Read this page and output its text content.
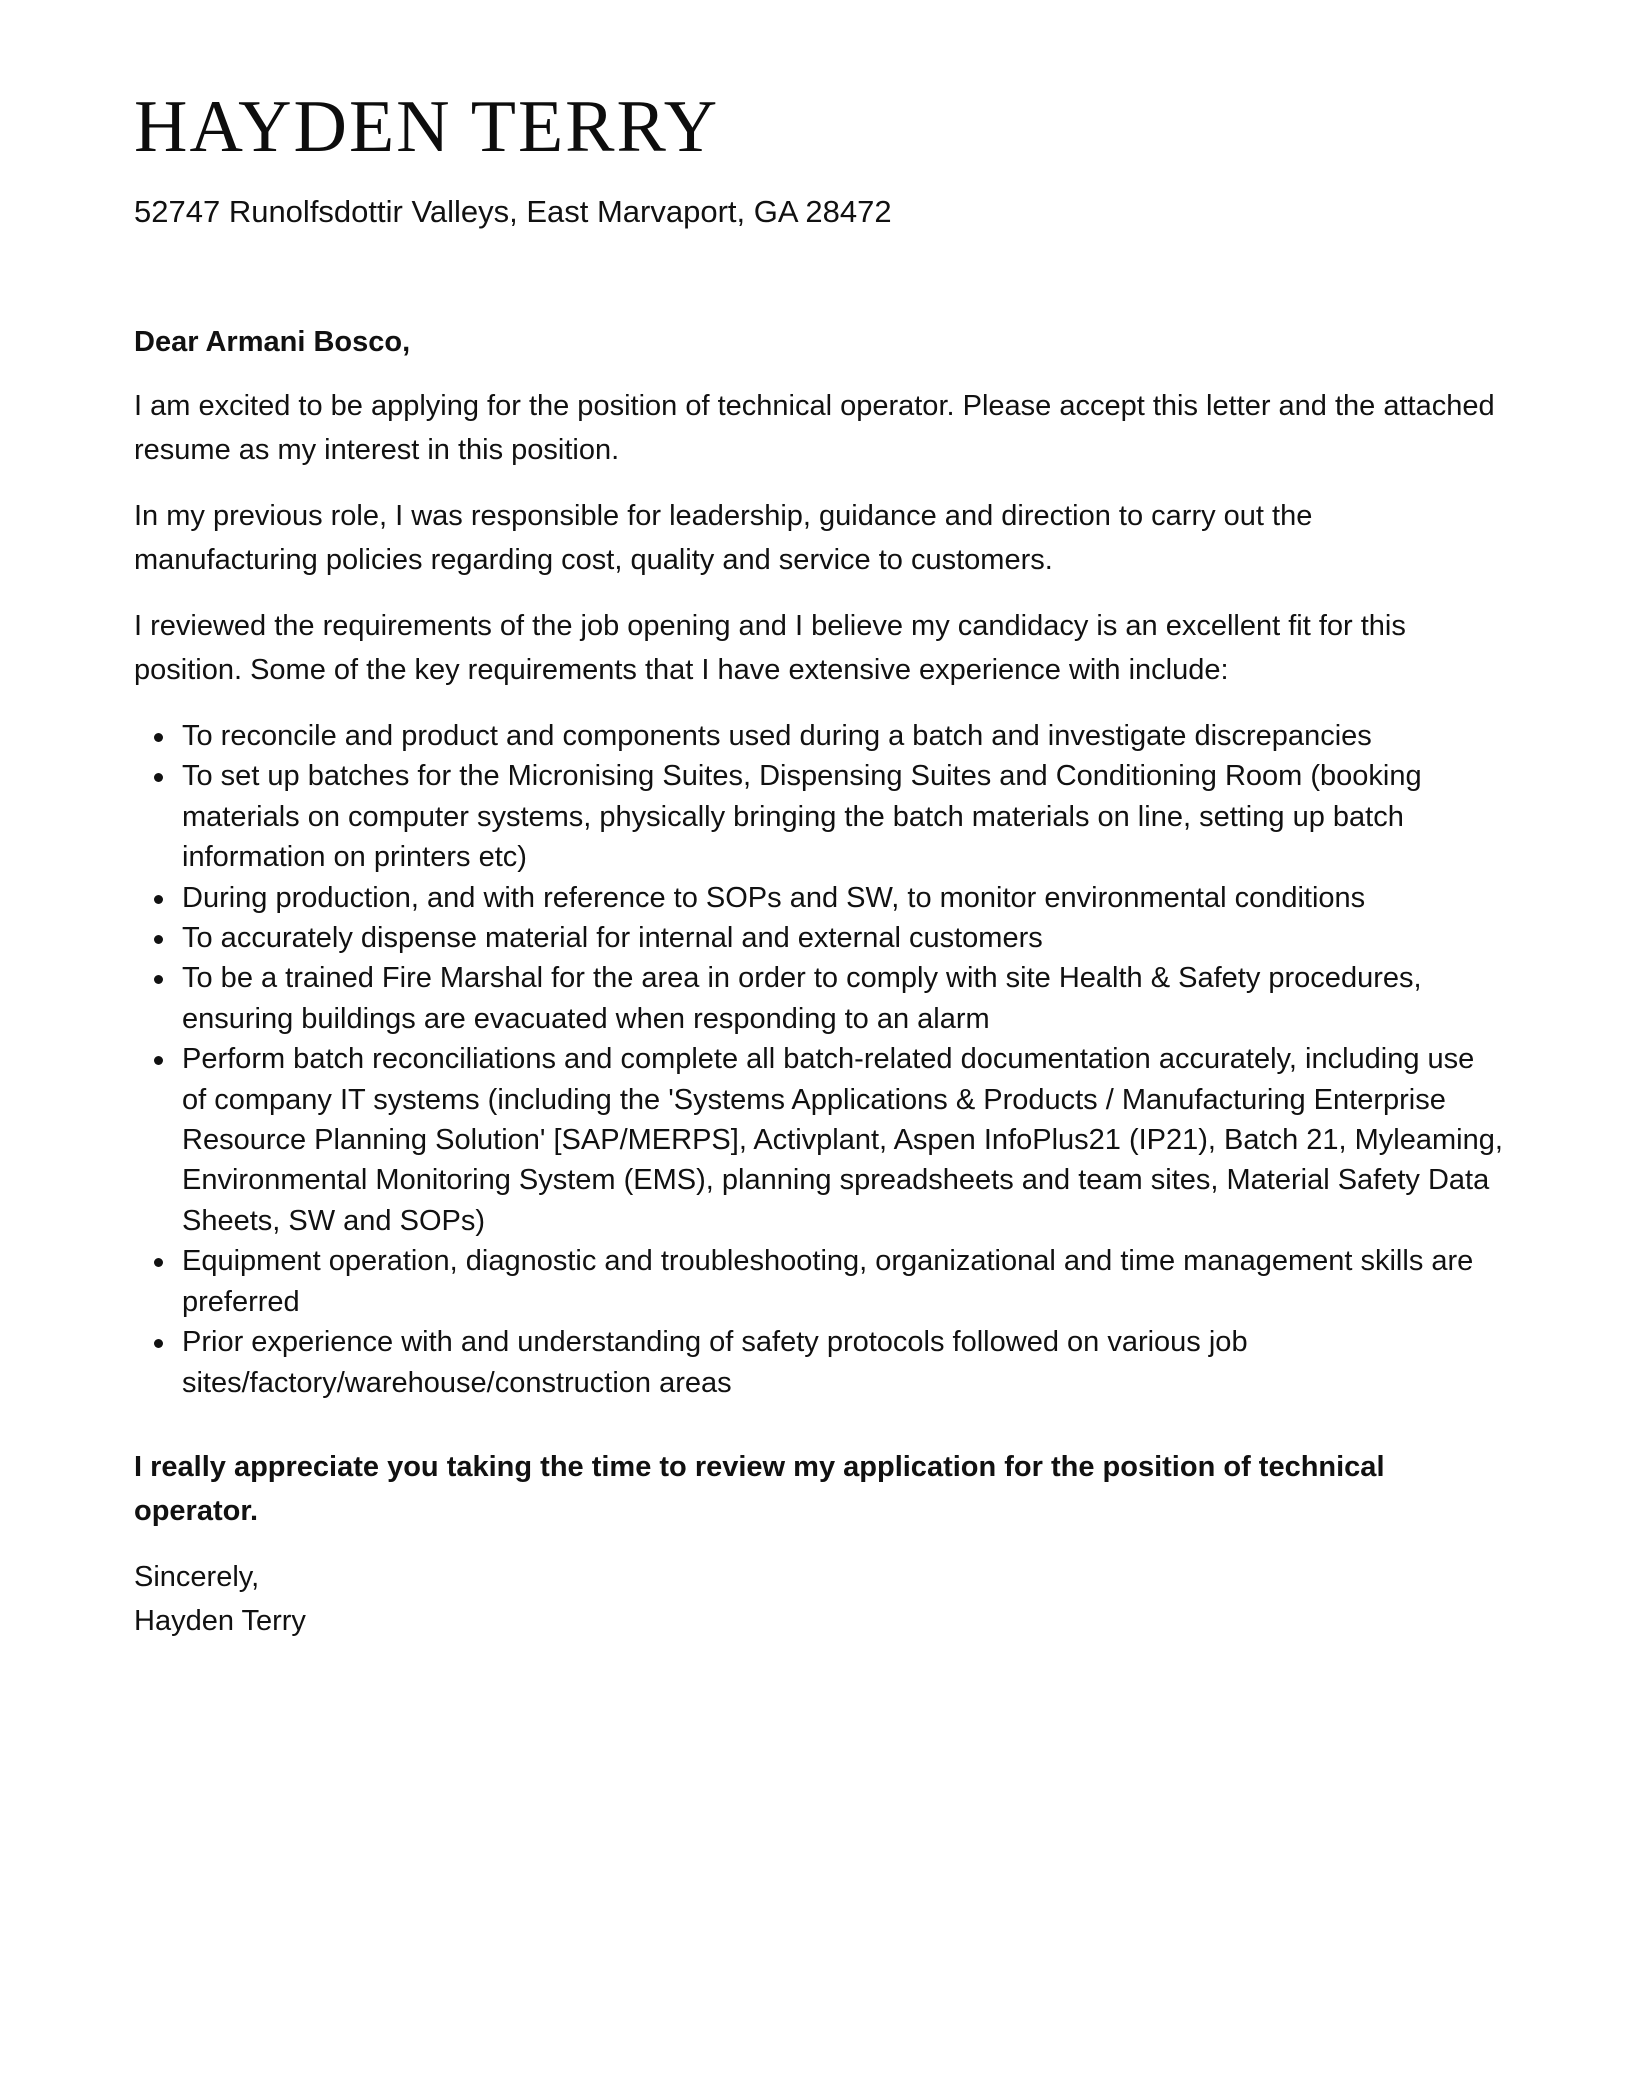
HAYDEN TERRY
52747 Runolfsdottir Valleys, East Marvaport, GA 28472
Dear Armani Bosco,

I am excited to be applying for the position of technical operator. Please accept this letter and the attached resume as my interest in this position.

In my previous role, I was responsible for leadership, guidance and direction to carry out the manufacturing policies regarding cost, quality and service to customers.

I reviewed the requirements of the job opening and I believe my candidacy is an excellent fit for this position. Some of the key requirements that I have extensive experience with include:

To reconcile and product and components used during a batch and investigate discrepancies
To set up batches for the Micronising Suites, Dispensing Suites and Conditioning Room (booking materials on computer systems, physically bringing the batch materials on line, setting up batch information on printers etc)
During production, and with reference to SOPs and SW, to monitor environmental conditions
To accurately dispense material for internal and external customers
To be a trained Fire Marshal for the area in order to comply with site Health & Safety procedures, ensuring buildings are evacuated when responding to an alarm
Perform batch reconciliations and complete all batch-related documentation accurately, including use of company IT systems (including the 'Systems Applications & Products / Manufacturing Enterprise Resource Planning Solution' [SAP/MERPS], Activplant, Aspen InfoPlus21 (IP21), Batch 21, Myleaming, Environmental Monitoring System (EMS), planning spreadsheets and team sites, Material Safety Data Sheets, SW and SOPs)
Equipment operation, diagnostic and troubleshooting, organizational and time management skills are preferred
Prior experience with and understanding of safety protocols followed on various job sites/factory/warehouse/construction areas
I really appreciate you taking the time to review my application for the position of technical operator.
Sincerely,
Hayden Terry
